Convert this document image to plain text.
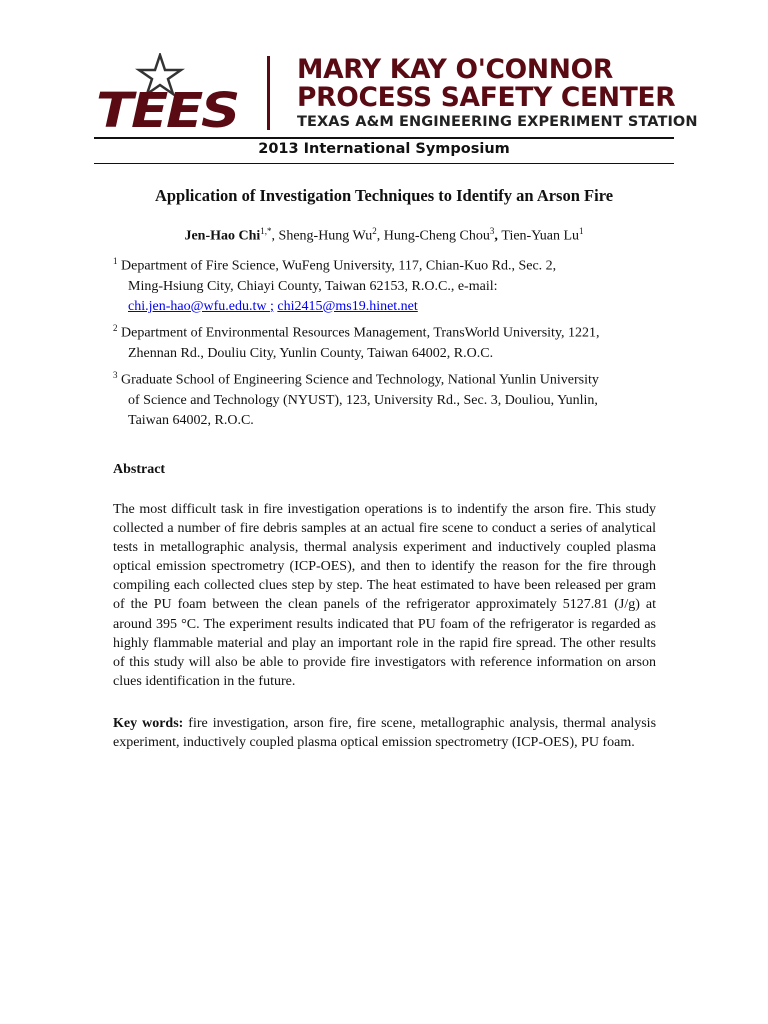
TEES
MARY KAY O'CONNOR
PROCESS SAFETY CENTER
TEXAS A&M ENGINEERING EXPERIMENT STATION
2013 International Symposium
Application of Investigation Techniques to Identify an Arson Fire
Jen-Hao Chi$^{1,*}$, Sheng-Hung Wu$^2$, Hung-Cheng Chou$^3$, Tien-Yuan Lu$^1$
$^1$ Department of Fire Science, WuFeng University, 117, Chian-Kuo Rd., Sec. 2,
Ming-Hsiung City, Chiayi County, Taiwan 62153, R.O.C., e-mail:
chi.jen-hao@wfu.edu.tw ; chi2415@ms19.hinet.net
$^2$ Department of Environmental Resources Management, TransWorld University, 1221,
Zhennan Rd., Douliu City, Yunlin County, Taiwan 64002, R.O.C.
$^3$ Graduate School of Engineering Science and Technology, National Yunlin University
of Science and Technology (NYUST), 123, University Rd., Sec. 3, Douliou, Yunlin,
Taiwan 64002, R.O.C.
Abstract
The most difficult task in fire investigation operations is to indentify the arson fire. This study collected a number of fire debris samples at an actual fire scene to conduct a series of analytical tests in metallographic analysis, thermal analysis experiment and inductively coupled plasma optical emission spectrometry (ICP-OES), and then to identify the reason for the fire through compiling each collected clues step by step. The heat estimated to have been released per gram of the PU foam between the clean panels of the refrigerator approximately 5127.81 (J/g) at around 395 °C. The experiment results indicated that PU foam of the refrigerator is regarded as highly flammable material and play an important role in the rapid fire spread. The other results of this study will also be able to provide fire investigators with reference information on arson clues identification in the future.
Key words: fire investigation, arson fire, fire scene, metallographic analysis, thermal analysis experiment, inductively coupled plasma optical emission spectrometry (ICP-OES), PU foam.
